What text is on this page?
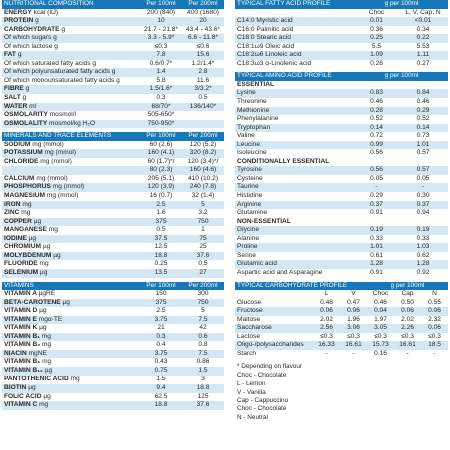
NUTRITIONAL COMPOSITION	Per 100ml	Per 200ml
ENERGY kcal (kJ)	200 (840)	400 (1680)
PROTEIN g	10	20
CARBOHYDRATE g	21.7 - 21.8*	43.4 - 43.6*
Of which sugars g	3.3 - 5.9*	6.6 - 11.8*
Of which lactose g	≤0.3	≤0.6
FAT g	7.8	15.6
Of which saturated fatty acids g	0.6/0.7*	1.2/1.4*
Of which polyunsaturated fatty acids g	1.4	2.8
Of which monounsaturated fatty acids g	5.8	11.6
FIBRE g	1.5/1.6*	3/3.2*
SALT g	0.3	0.5
WATER ml	68/70*	136/140*
OSMOLARITY mosmol/l	505-650*	
OSMOLALITY mosmol/kg H₂O	750-950*	
MINERALS AND TRACE ELEMENTS	Per 100ml	Per 200ml
SODIUM mg (mmol)	60 (2.6)	120 (5.2)
POTASSIUM mg (mmol)	160 (4.1)	320 (8.2)
CHLORIDE mg (mmol)	60 (1.7)*/	120 (3.4)*/
	80 (2.3)	160 (4.6)
CALCIUM mg (mmol)	205 (5.1)	410 (10.2)
PHOSPHORUS mg (mmol)	120 (3.9)	240 (7.8)
MAGNESIUM mg (mmol)	16 (0.7)	32 (1.4)
IRON mg	2.5	5
ZINC mg	1.6	3.2
COPPER µg	375	750
MANGANESE mg	0.5	1
IODINE µg	37.5	75
CHROMIUM µg	12.5	25
MOLYBDENUM µg	18.8	37.6
FLUORIDE mg	0.25	0.5
SELENIUM µg	13.5	27
VITAMINS	Per 100ml	Per 200ml
VITAMIN A µgRE	150	300
BETA-CAROTENE µg	375	750
VITAMIN D µg	2.5	5
VITAMIN E mgα-TE	3.75	7.5
VITAMIN K µg	21	42
VITAMIN B₁ mg	0.3	0.6
VITAMIN B₂ mg	0.4	0.8
NIACIN mgNE	3.75	7.5
VITAMIN B₆ mg	0.43	0.86
VITAMIN B₁₂ µg	0.75	1.5
PANTOTHENIC ACID mg	1.5	3
BIOTIN µg	9.4	18.8
FOLIC ACID µg	62.5	125
VITAMIN C mg	18.8	37.6
TYPICAL FATTY ACID PROFILE	g per 100ml	
	Choc	L, V, Cap, N
C14:0 Myristic acid	0.01	<0.01
C16:0 Palmitic acid	0.36	0.34
C18:0 Stearic acid	0.25	0.22
C18:1ω9 Oleic acid	5.5	5.53
C18:2ω6 Linoleic acid	1.09	1.11
C18:3ω3 α-Linolenic acid	0.26	0.27
TYPICAL AMINO ACID PROFILE	g per 100ml	
ESSENTIAL		
Lysine	0.83	0.84
Threonine	0.46	0.46
Methionine	0.28	0.29
Phenylalanine	0.52	0.52
Tryptophan	0.14	0.14
Valine	0.72	0.73
Leucine	0.99	1.01
Isoleucine	0.56	0.57
CONDITIONALLY ESSENTIAL		
Tyrosine	0.56	0.57
Cysteine	0.05	0.05
Taurine	-	-
Histidine	0.29	0.30
Arginine	0.37	0.37
Glutamine	0.91	0.94
NON-ESSENTIAL		
Glycine	0.19	0.19
Alanine	0.33	0.33
Proline	1.01	1.03
Serine	0.61	0.62
Glutamic acid	1.28	1.28
Aspartic acid and Asparagine	0.91	0.92
TYPICAL CARBOHYDRATE PROFILE			g per 100ml		
	L	V	Choc	Cap	N
Glucose	0.48	0.47	0.46	0.50	0.55
Fructose	0.06	0.06	0.04	0.06	0.06
Maltose	2.02	1.96	1.97	2.02	2.32
Saccharose	2.56	3.06	3.05	2.26	0.06
Lactose	≤0.3	≤0.3	≤0.3	≤0.3	≤0.3
Oligo-/polysaccharides	16.33	16.61	15.73	16.61	18.5
Starch	-	-	0.16	-	-
* Depending on flavour
Choc - Chocolate
L - Lemon
V - Vanilla
Cap - Cappuccino
Choc - Chocolate
N - Neutral
